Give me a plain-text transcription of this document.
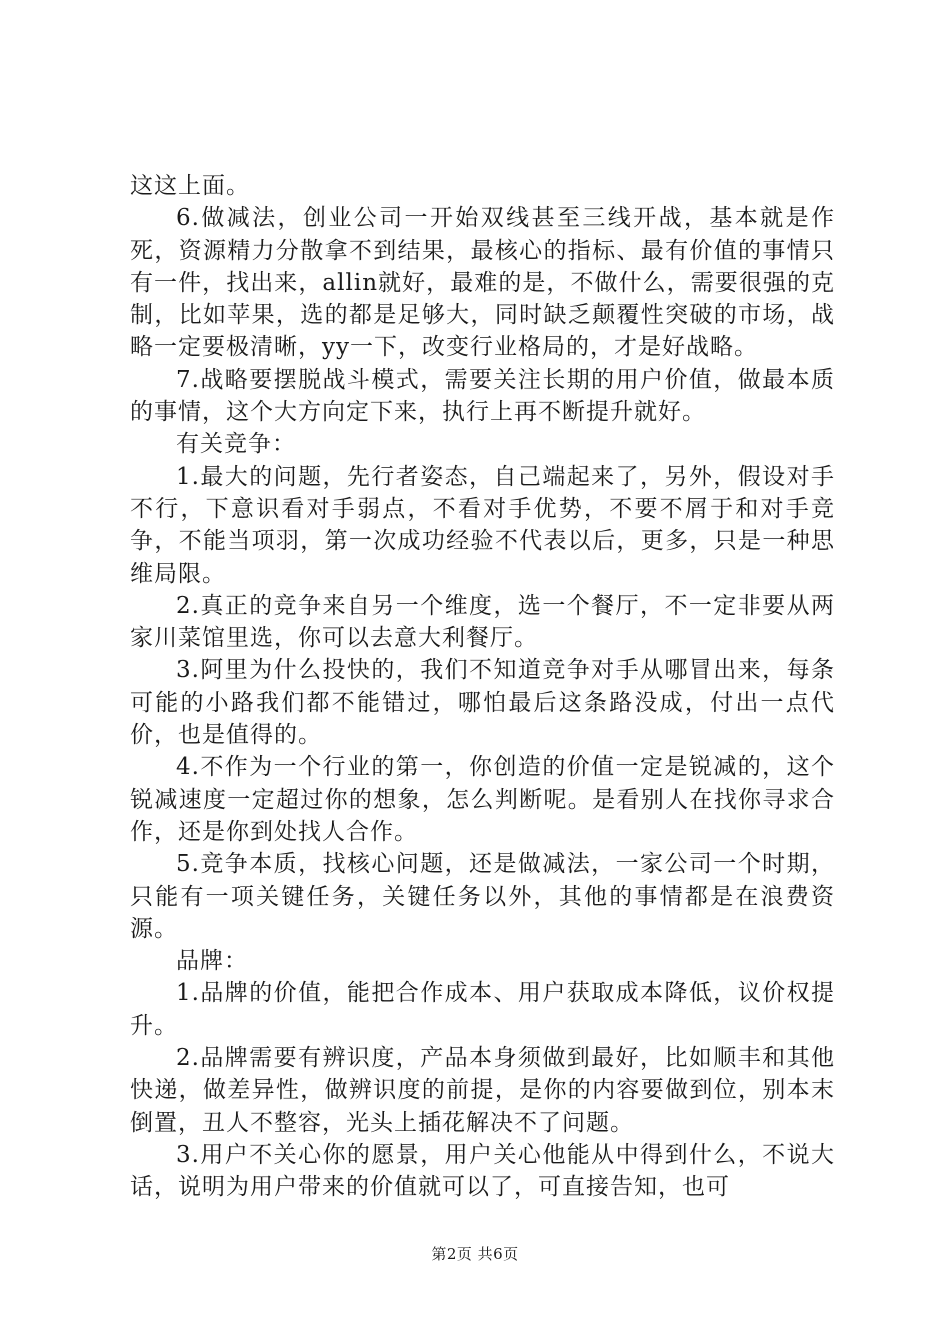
这这上面。

6.做减法，创业公司一开始双线甚至三线开战，基本就是作死，资源精力分散拿不到结果，最核心的指标、最有价值的事情只有一件，找出来，allin就好，最难的是，不做什么，需要很强的克制，比如苹果，选的都是足够大，同时缺乏颠覆性突破的市场，战略一定要极清晰，yy一下，改变行业格局的，才是好战略。

7.战略要摆脱战斗模式，需要关注长期的用户价值，做最本质的事情，这个大方向定下来，执行上再不断提升就好。

有关竞争：

1.最大的问题，先行者姿态，自己端起来了，另外，假设对手不行，下意识看对手弱点，不看对手优势，不要不屑于和对手竞争，不能当项羽，第一次成功经验不代表以后，更多，只是一种思维局限。

2.真正的竞争来自另一个维度，选一个餐厅，不一定非要从两家川菜馆里选，你可以去意大利餐厅。

3.阿里为什么投快的，我们不知道竞争对手从哪冒出来，每条可能的小路我们都不能错过，哪怕最后这条路没成，付出一点代价，也是值得的。

4.不作为一个行业的第一，你创造的价值一定是锐减的，这个锐减速度一定超过你的想象，怎么判断呢。是看别人在找你寻求合作，还是你到处找人合作。

5.竞争本质，找核心问题，还是做减法，一家公司一个时期，只能有一项关键任务，关键任务以外，其他的事情都是在浪费资源。

品牌：

1.品牌的价值，能把合作成本、用户获取成本降低，议价权提升。

2.品牌需要有辨识度，产品本身须做到最好，比如顺丰和其他快递，做差异性，做辨识度的前提，是你的内容要做到位，别本末倒置，丑人不整容，光头上插花解决不了问题。

3.用户不关心你的愿景，用户关心他能从中得到什么，不说大话，说明为用户带来的价值就可以了，可直接告知，也可

第2页 共6页
